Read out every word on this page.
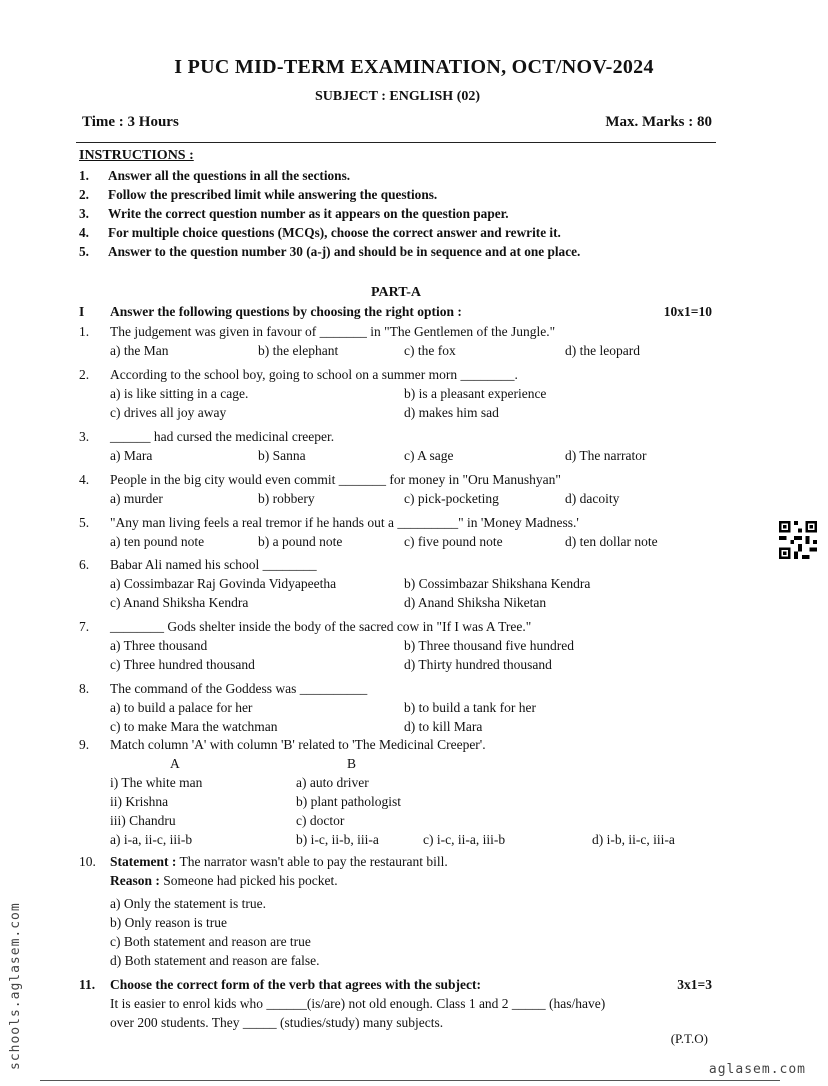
I PUC MID-TERM EXAMINATION, OCT/NOV-2024
SUBJECT : ENGLISH (02)
Time : 3 Hours	Max. Marks : 80
INSTRUCTIONS :
1. Answer all the questions in all the sections.
2. Follow the prescribed limit while answering the questions.
3. Write the correct question number as it appears on the question paper.
4. For multiple choice questions (MCQs), choose the correct answer and rewrite it.
5. Answer to the question number 30 (a-j) and should be in sequence and at one place.
PART-A
I Answer the following questions by choosing the right option :	10x1=10
1. The judgement was given in favour of _______ in "The Gentlemen of the Jungle."
a) the Man	b) the elephant	c) the fox	d) the leopard
2. According to the school boy, going to school on a summer morn ________.
a) is like sitting in a cage.	b) is a pleasant experience
c) drives all joy away	d) makes him sad
3. ______ had cursed the medicinal creeper.
a) Mara	b) Sanna	c) A sage	d) The narrator
4. People in the big city would even commit _______ for money in "Oru Manushyan"
a) murder	b) robbery	c) pick-pocketing	d) dacoity
5. "Any man living feels a real tremor if he hands out a _________" in 'Money Madness.'
a) ten pound note	b) a pound note	c) five pound note	d) ten dollar note
6. Babar Ali named his school ________
a) Cossimbazar Raj Govinda Vidyapeetha	b) Cossimbazar Shikshana Kendra
c) Anand Shiksha Kendra	d) Anand Shiksha Niketan
7. ________ Gods shelter inside the body of the sacred cow in "If I was A Tree."
a) Three thousand	b) Three thousand five hundred
c) Three hundred thousand	d) Thirty hundred thousand
8. The command of the Goddess was __________
a) to build a palace for her	b) to build a tank for her
c) to make Mara the watchman	d) to kill Mara
9. Match column 'A' with column 'B' related to 'The Medicinal Creeper'.
A	B
i) The white man	a) auto driver
ii) Krishna	b) plant pathologist
iii) Chandru	c) doctor
a) i-a, ii-c, iii-b	b) i-c, ii-b, iii-a	c) i-c, ii-a, iii-b	d) i-b, ii-c, iii-a
10. Statement : The narrator wasn't able to pay the restaurant bill.
Reason : Someone had picked his pocket.
a) Only the statement is true.
b) Only reason is true
c) Both statement and reason are true
d) Both statement and reason are false.
11. Choose the correct form of the verb that agrees with the subject:	3x1=3
It is easier to enrol kids who ______(is/are) not old enough. Class 1 and 2 _____ (has/have)
over 200 students. They _____ (studies/study) many subjects.
(P.T.O)
schools.aglasem.com	aglasem.com
